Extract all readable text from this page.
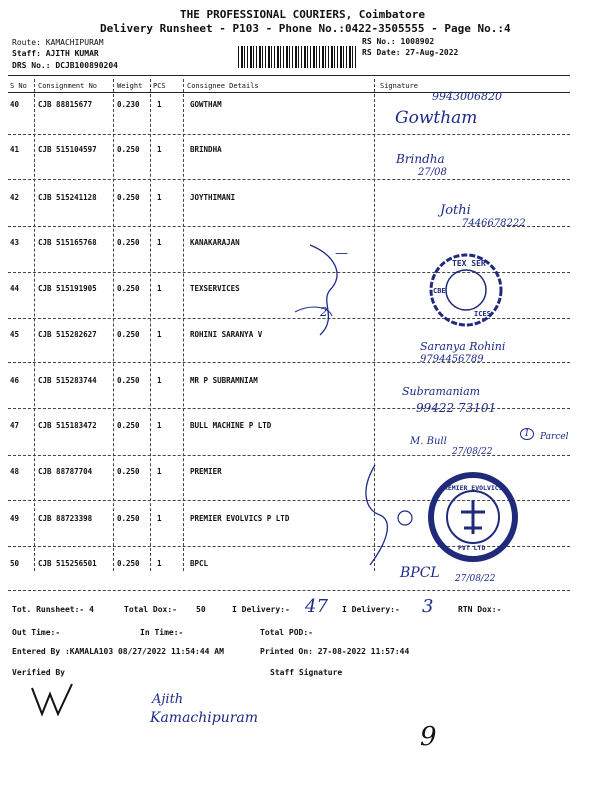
THE PROFESSIONAL COURIERS, Coimbatore
Delivery Runsheet - P103 - Phone No.:0422-3505555 - Page No.:4
Route: KAMACHIPURAM
Staff: AJITH KUMAR
DRS No.: DCJB100890204
RS No.: 1008902
RS Date: 27-Aug-2022
S No Consignment No	Weight PCS	Consignee Details	Signature
40	CJB 88815677	0.230 1	GOWTHAM
41	CJB 515104597	0.250 1	BRINDHA
42	CJB 515241128	0.250 1	JOYTHIMANI
43	CJB 515165768	0.250 1	KANAKARAJAN
44	CJB 515191905	0.250 1	TEXSERVICES
45	CJB 515282627	0.250 1	ROHINI SARANYA V
46	CJB 515283744	0.250 1	MR P SUBRAMNIAM
47	CJB 515183472	0.250 1	BULL MACHINE P LTD
48	CJB 88787704	0.250 1	PREMIER
49	CJB 88723398	0.250 1	PREMIER EVOLVICS P LTD
50	CJB 515256501	0.250 1	BPCL
9943006820
Gowtham
Brindha
27/08
Jothi
7446678222
2
Saranya Rohini
9794456789
Subramaniam
99422 73101
M. Bull
27/08/22
1	Parcel
BPCL 27/08/22
—
TEX SER
CBE
ICES
PREMIER EVOLVICS
PVT LTD
Tot. Runsheet:- 4	Total Dox:- 50	I Delivery:- 47 I Delivery:- 3	RTN Dox:-
Out Time:-	In Time:-	Total POD:-
Entered By :KAMALA103 08/27/2022 11:54:44 AM	Printed On: 27-08-2022 11:57:44
Verified By	Staff Signature
Ajith
Kamachipuram
9
